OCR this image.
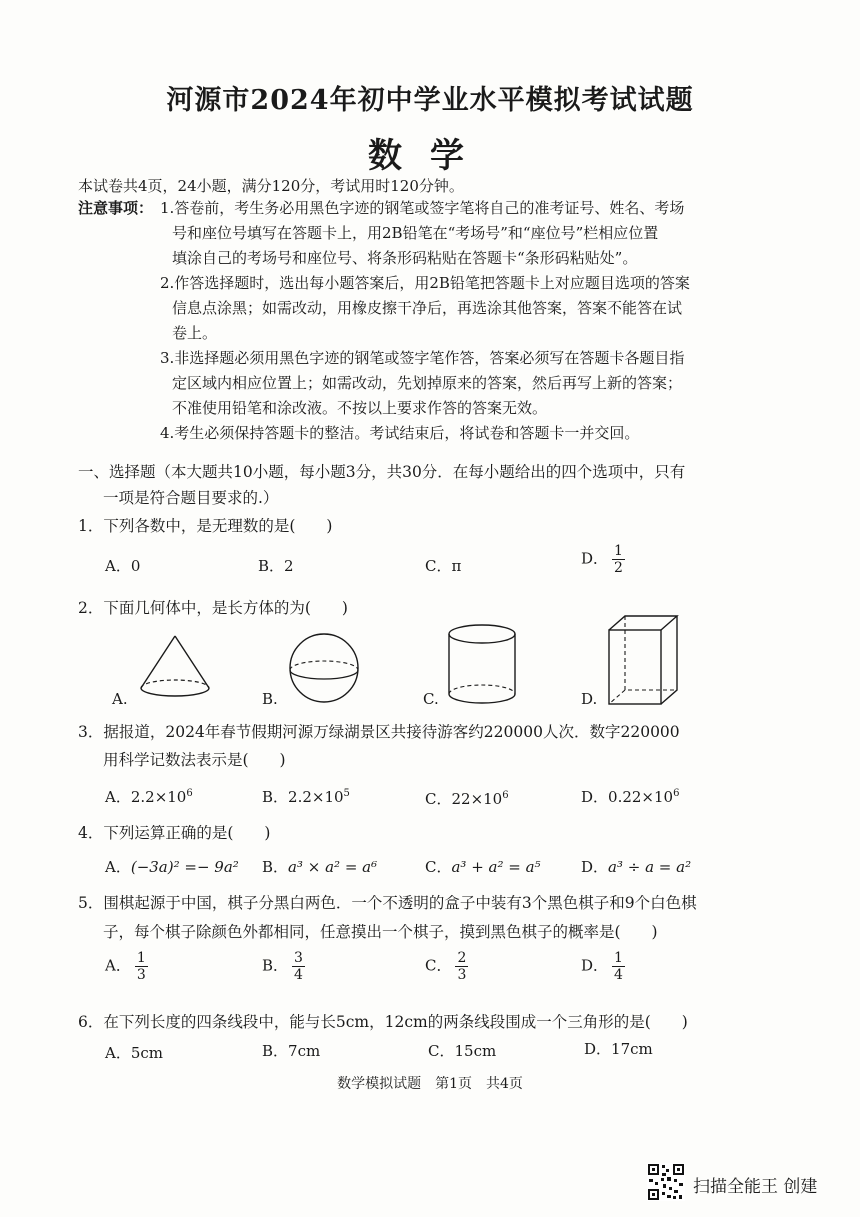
河源市2024年初中学业水平模拟考试试题
数学
本试卷共4页，24小题，满分120分，考试用时120分钟。
注意事项： 1.答卷前，考生务必用黑色字迹的钢笔或签字笔将自己的准考证号、姓名、考场
号和座位号填写在答题卡上，用2B铅笔在“考场号”和“座位号”栏相应位置
填涂自己的考场号和座位号、将条形码粘贴在答题卡“条形码粘贴处”。
2.作答选择题时，选出每小题答案后，用2B铅笔把答题卡上对应题目选项的答案
信息点涂黑；如需改动，用橡皮擦干净后，再选涂其他答案，答案不能答在试
卷上。
3.非选择题必须用黑色字迹的钢笔或签字笔作答，答案必须写在答题卡各题目指
定区域内相应位置上；如需改动，先划掉原来的答案，然后再写上新的答案；
不准使用铅笔和涂改液。不按以上要求作答的答案无效。
4.考生必须保持答题卡的整洁。考试结束后，将试卷和答题卡一并交回。
一、选择题（本大题共10小题，每小题3分，共30分．在每小题给出的四个选项中，只有
一项是符合题目要求的.）
1．下列各数中，是无理数的是(　　)
A．0	B．2	C．π	D． $\frac{1}{2}$
2．下面几何体中，是长方体的为(　　)
A.	B.	C.	D.
3．据报道，2024年春节假期河源万绿湖景区共接待游客约220000人次．数字220000
用科学记数法表示是(　　)
A．$2.2\times 10^6$	B．$2.2\times 10^5$	C．$22\times 10^6$	D．$0.22\times 10^6$
4．下列运算正确的是(　　)
A．(−3a)² =− 9a² B．a³ × a² = a⁶	C．a³ + a² = a⁵	D．a³ ÷ a = a²
5．围棋起源于中国，棋子分黑白两色．一个不透明的盒子中装有3个黑色棋子和9个白色棋
子，每个棋子除颜色外都相同，任意摸出一个棋子，摸到黑色棋子的概率是(　　)
A． $\frac{1}{3}$	B． $\frac{3}{4}$	C． $\frac{2}{3}$	D． $\frac{1}{4}$
6．在下列长度的四条线段中，能与长5cm，12cm的两条线段围成一个三角形的是(　　)
A．5cm	B．7cm	C．15cm	D．17cm
数学模拟试题　第1页　共4页
扫描全能王 创建
